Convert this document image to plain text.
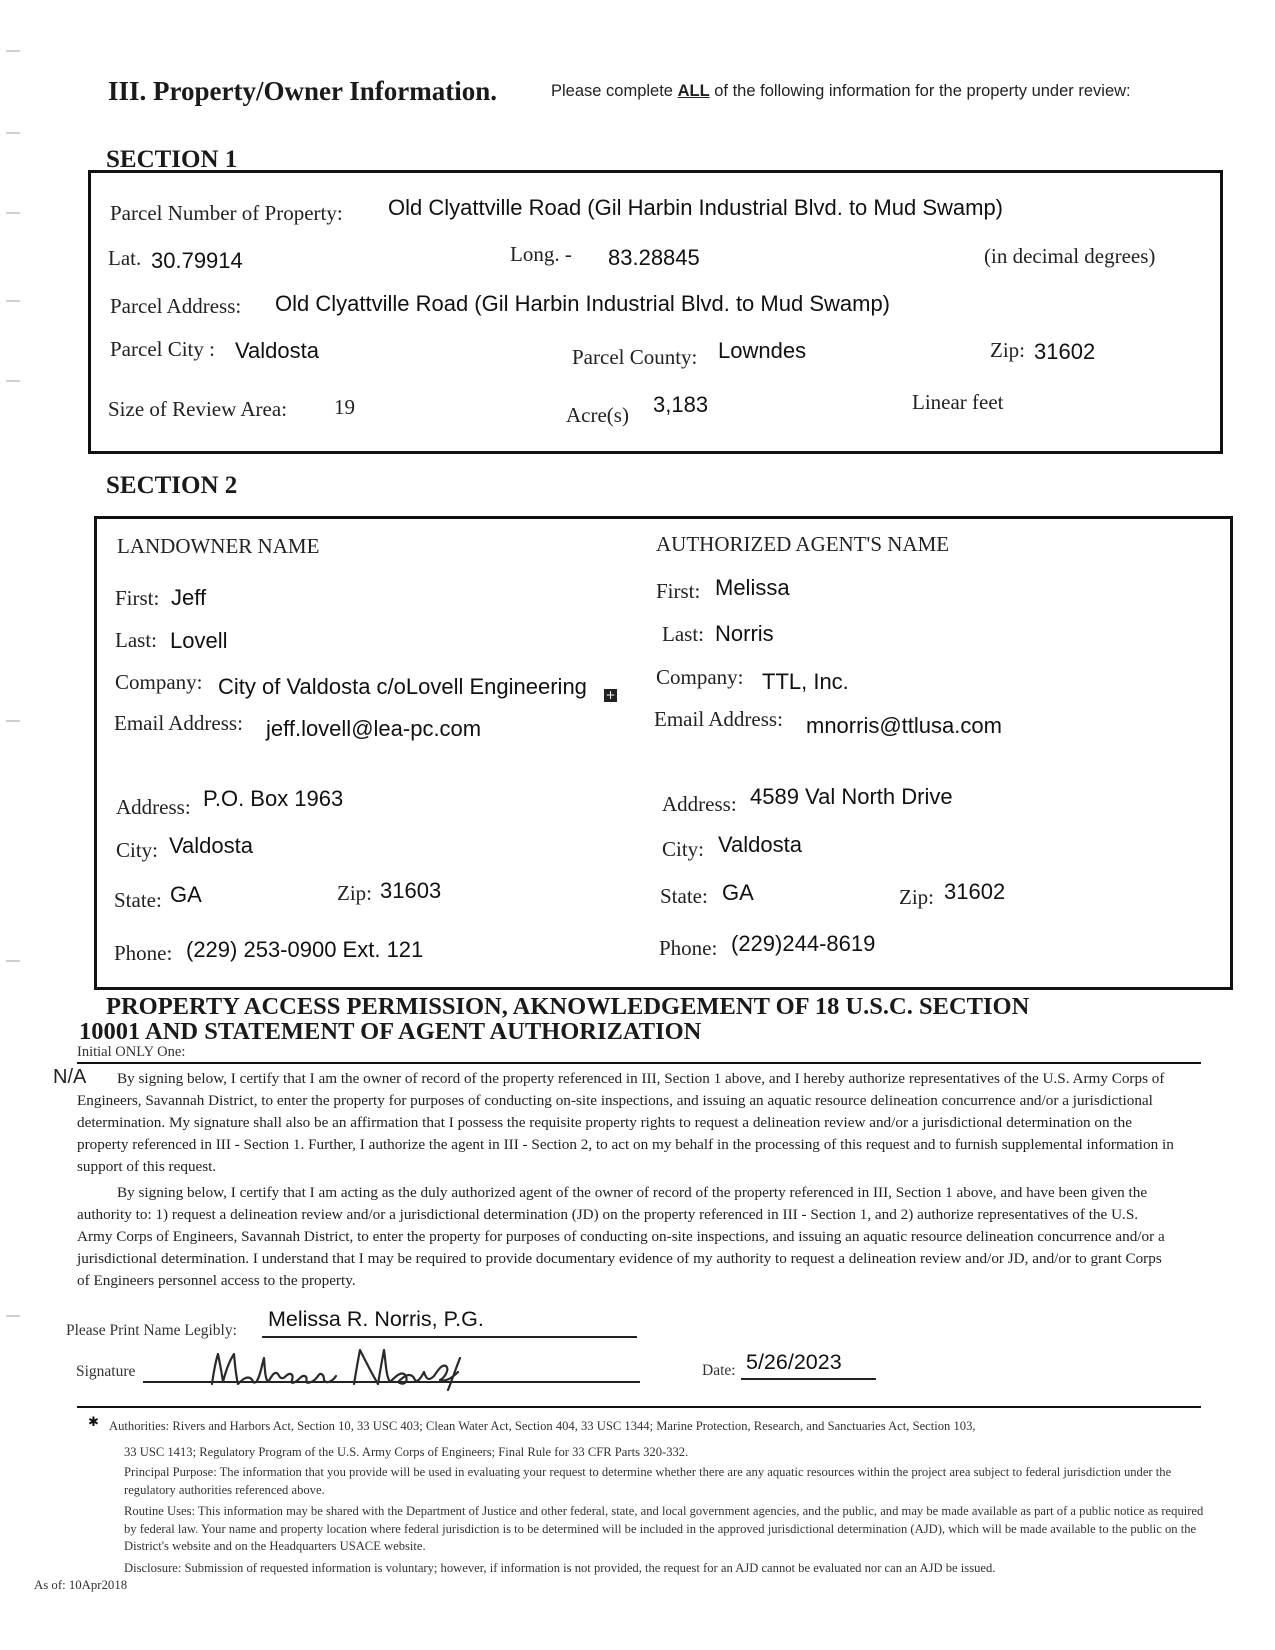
III. Property/Owner Information.	Please complete ALL of the following information for the property under review:
SECTION 1
Parcel Number of Property: Old Clyattville Road (Gil Harbin Industrial Blvd. to Mud Swamp)
Lat. 30.79914	Long. - 83.28845	(in decimal degrees)
Parcel Address: Old Clyattville Road (Gil Harbin Industrial Blvd. to Mud Swamp)
Parcel City : Valdosta	Parcel County: Lowndes	Zip: 31602
Size of Review Area: 19	Acre(s) 3,183	Linear feet
SECTION 2
LANDOWNER NAME
First: Jeff
Last: Lovell
Company: City of Valdosta c/oLovell Engineering +
Email Address: jeff.lovell@lea-pc.com
Address: P.O. Box 1963
City: Valdosta
State: GA	Zip: 31603
Phone: (229) 253-0900 Ext. 121
AUTHORIZED AGENT'S NAME
First: Melissa
Last: Norris
Company: TTL, Inc.
Email Address: mnorris@ttlusa.com
Address: 4589 Val North Drive
City: Valdosta
State: GA	Zip: 31602
Phone: (229)244-8619
PROPERTY ACCESS PERMISSION, AKNOWLEDGEMENT OF 18 U.S.C. SECTION
10001 AND STATEMENT OF AGENT AUTHORIZATION
Initial ONLY One:
N/A	By signing below, I certify that I am the owner of record of the property referenced in III, Section 1 above, and I hereby authorize representatives of the U.S. Army Corps of Engineers, Savannah District, to enter the property for purposes of conducting on-site inspections, and issuing an aquatic resource delineation concurrence and/or a jurisdictional determination. My signature shall also be an affirmation that I possess the requisite property rights to request a delineation review and/or a jurisdictional determination on the property referenced in III - Section 1. Further, I authorize the agent in III - Section 2, to act on my behalf in the processing of this request and to furnish supplemental information in support of this request.
By signing below, I certify that I am acting as the duly authorized agent of the owner of record of the property referenced in III, Section 1 above, and have been given the authority to: 1) request a delineation review and/or a jurisdictional determination (JD) on the property referenced in III - Section 1, and 2) authorize representatives of the U.S. Army Corps of Engineers, Savannah District, to enter the property for purposes of conducting on-site inspections, and issuing an aquatic resource delineation concurrence and/or a jurisdictional determination. I understand that I may be required to provide documentary evidence of my authority to request a delineation review and/or JD, and/or to grant Corps of Engineers personnel access to the property.
Please Print Name Legibly: Melissa R. Norris, P.G.
Signature	Date: 5/26/2023
✱ Authorities: Rivers and Harbors Act, Section 10, 33 USC 403; Clean Water Act, Section 404, 33 USC 1344; Marine Protection, Research, and Sanctuaries Act, Section 103,
33 USC 1413; Regulatory Program of the U.S. Army Corps of Engineers; Final Rule for 33 CFR Parts 320-332.
Principal Purpose: The information that you provide will be used in evaluating your request to determine whether there are any aquatic resources within the project area subject to federal jurisdiction under the regulatory authorities referenced above.
Routine Uses: This information may be shared with the Department of Justice and other federal, state, and local government agencies, and the public, and may be made available as part of a public notice as required by federal law. Your name and property location where federal jurisdiction is to be determined will be included in the approved jurisdictional determination (AJD), which will be made available to the public on the District's website and on the Headquarters USACE website.
Disclosure: Submission of requested information is voluntary; however, if information is not provided, the request for an AJD cannot be evaluated nor can an AJD be issued.
As of: 10Apr2018
